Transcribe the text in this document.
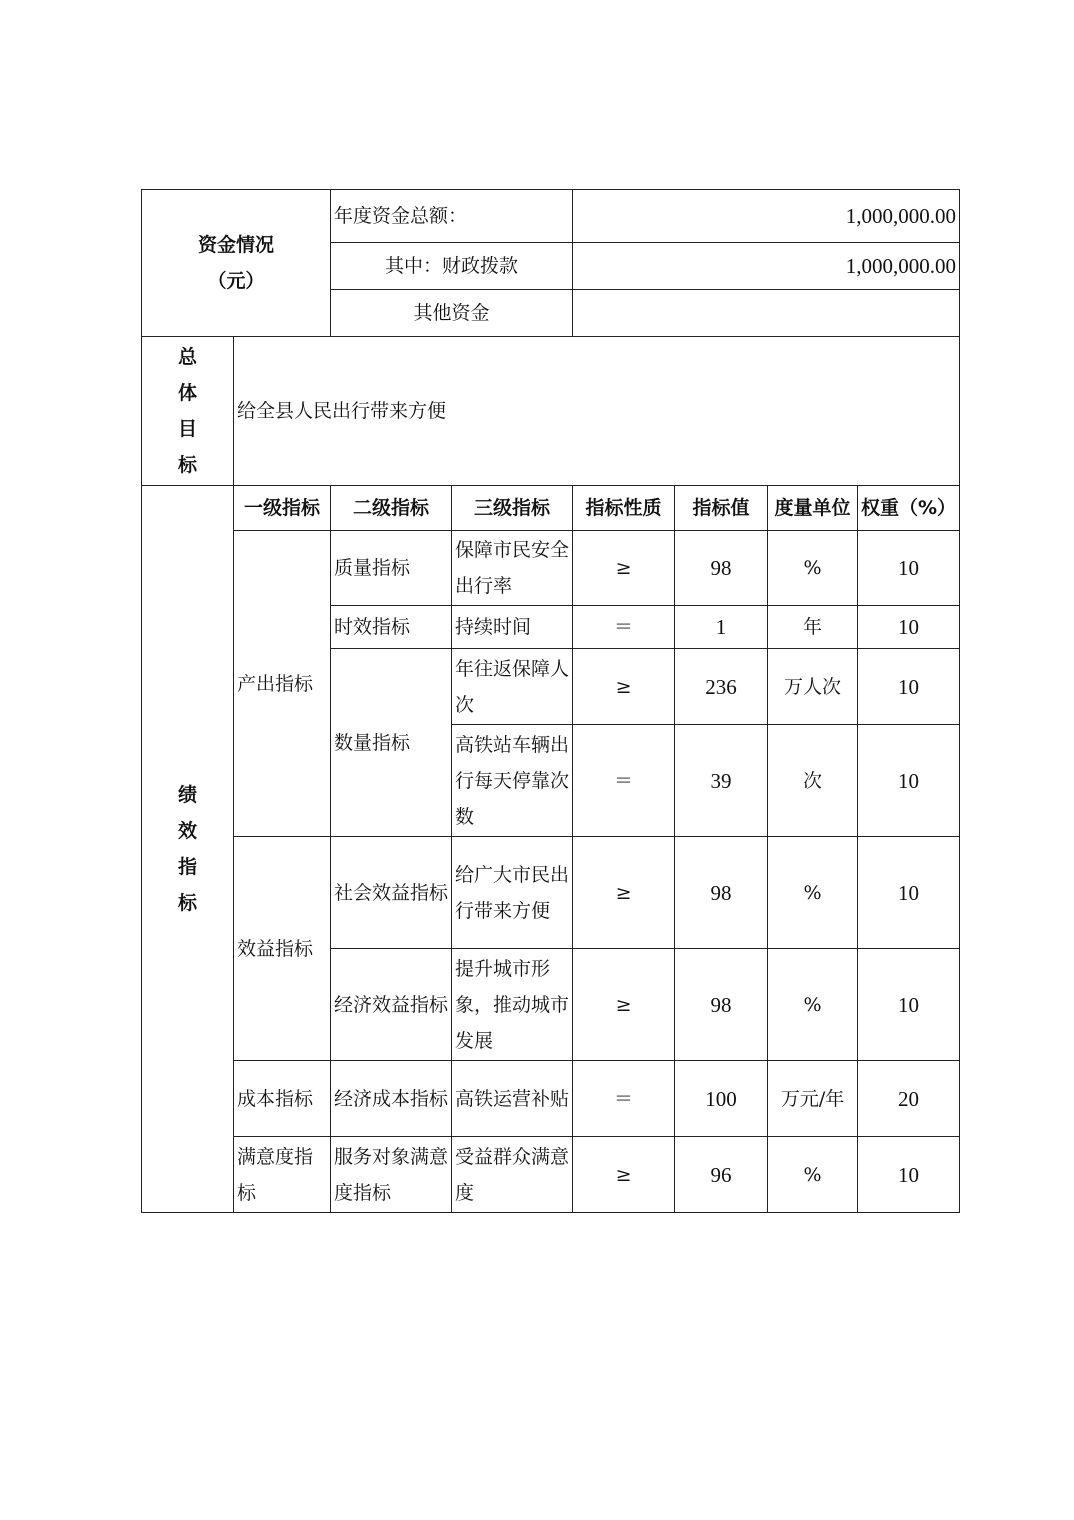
资金情况
（元）		年度资金总额：		1,000,000.00			
		其中：财政拨款		1,000,000.00			
		其他资金					

总
体
目
标	给全县人民出行带来方便						

绩
效
指
标	一级指标	二级指标	三级指标	指标性质	指标值	度量单位	权重（%）
	产出指标	质量指标	保障市民安全出行率	≥	98	%	10
		时效指标	持续时间	＝	1	年	10
		数量指标	年往返保障人次	≥	236	万人次	10

			高铁站车辆出行每天停靠次数	＝	39	次	10
	效益指标	社会效益指标	给广大市民出行带来方便	≥	98	%	10

		经济效益指标	提升城市形象，推动城市发展	≥	98	%	10
	成本指标	经济成本指标	高铁运营补贴	＝	100	万元/年	20

	满意度指标	服务对象满意度指标	受益群众满意度	≥	96	%	10
